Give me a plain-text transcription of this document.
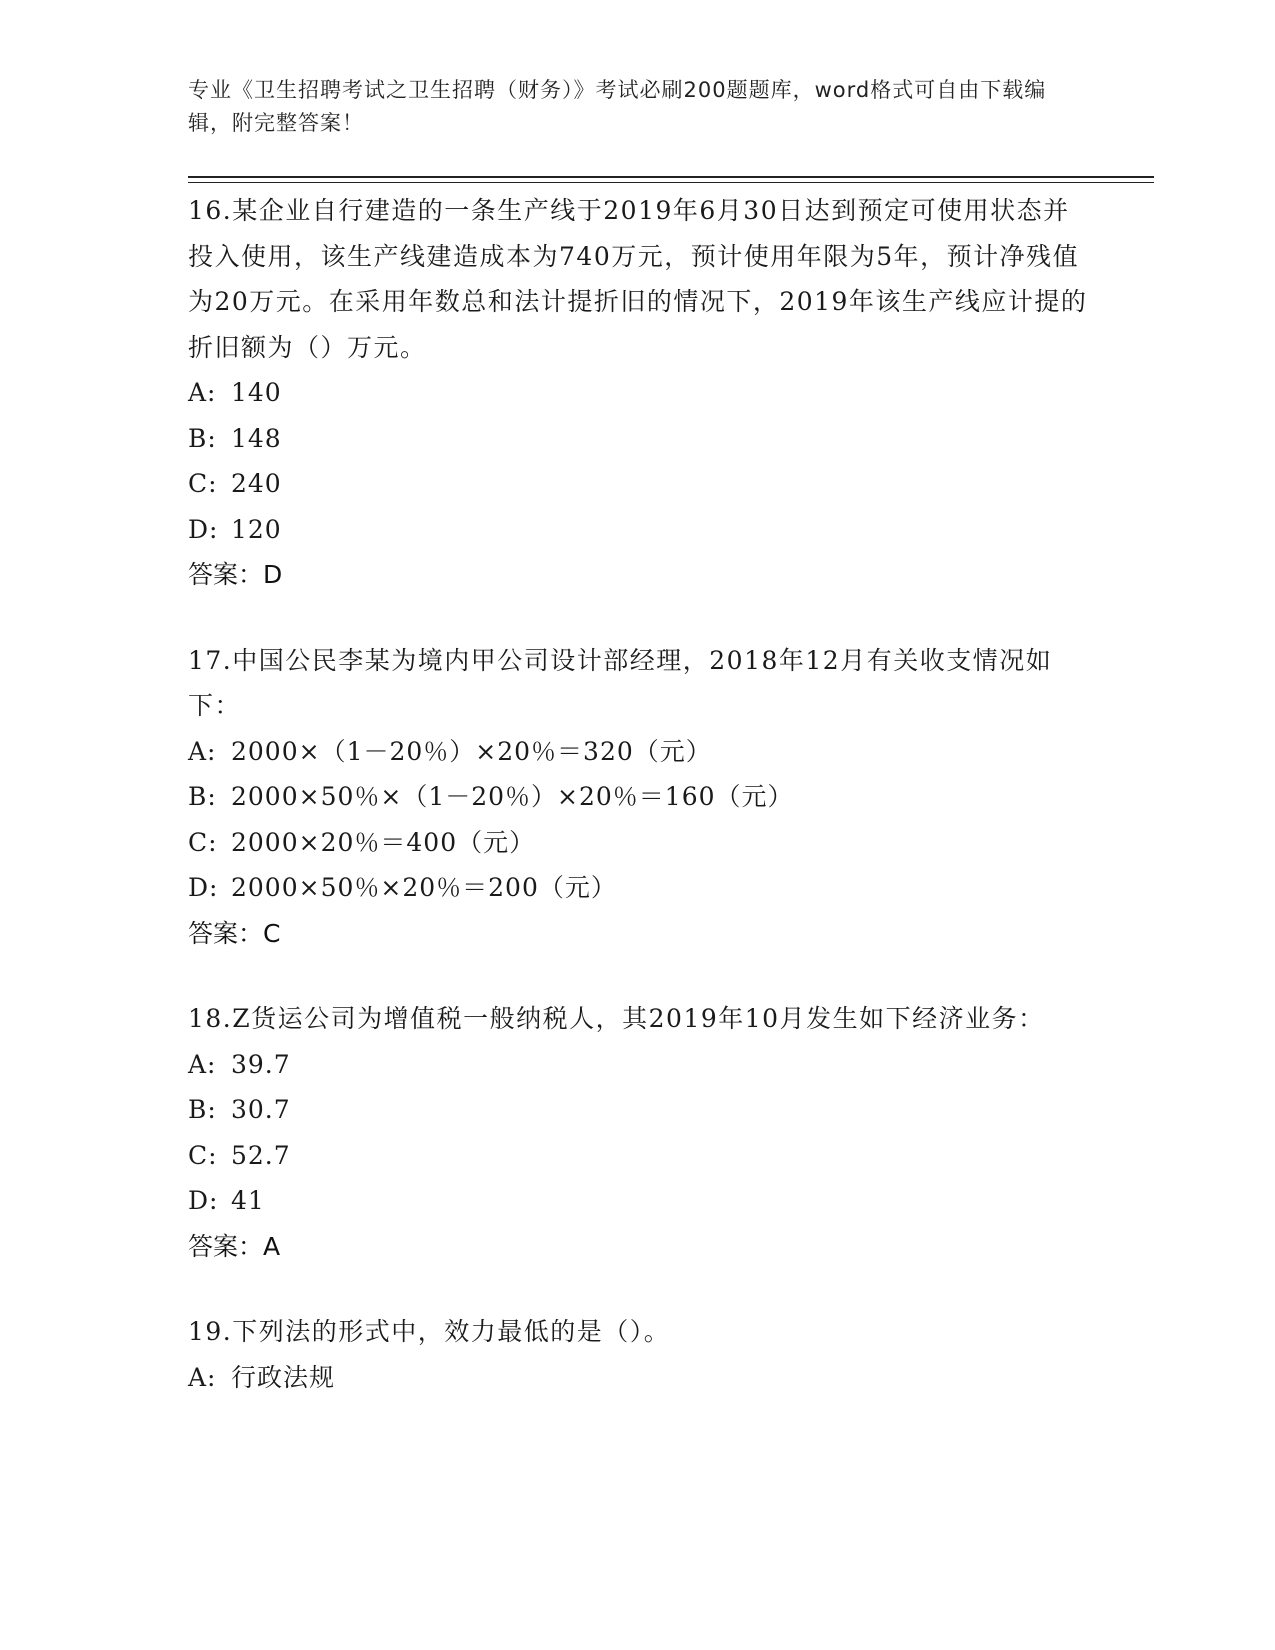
专业《卫生招聘考试之卫生招聘（财务）》考试必刷200题题库，word格式可自由下载编辑，附完整答案！

16.某企业自行建造的一条生产线于2019年6月30日达到预定可使用状态并投入使用，该生产线建造成本为740万元，预计使用年限为5年，预计净残值为20万元。在采用年数总和法计提折旧的情况下，2019年该生产线应计提的折旧额为（）万元。

A: 140

B: 148

C: 240

D: 120

答案：D

17.中国公民李某为境内甲公司设计部经理，2018年12月有关收支情况如下：

A: 2000×（1－20％）×20％＝320（元）

B: 2000×50％×（1－20％）×20％＝160（元）

C: 2000×20％＝400（元）

D: 2000×50％×20％＝200（元）

答案：C

18.Z货运公司为增值税一般纳税人，其2019年10月发生如下经济业务：

A: 39.7

B: 30.7

C: 52.7

D: 41

答案：A

19.下列法的形式中，效力最低的是（）。

A: 行政法规
